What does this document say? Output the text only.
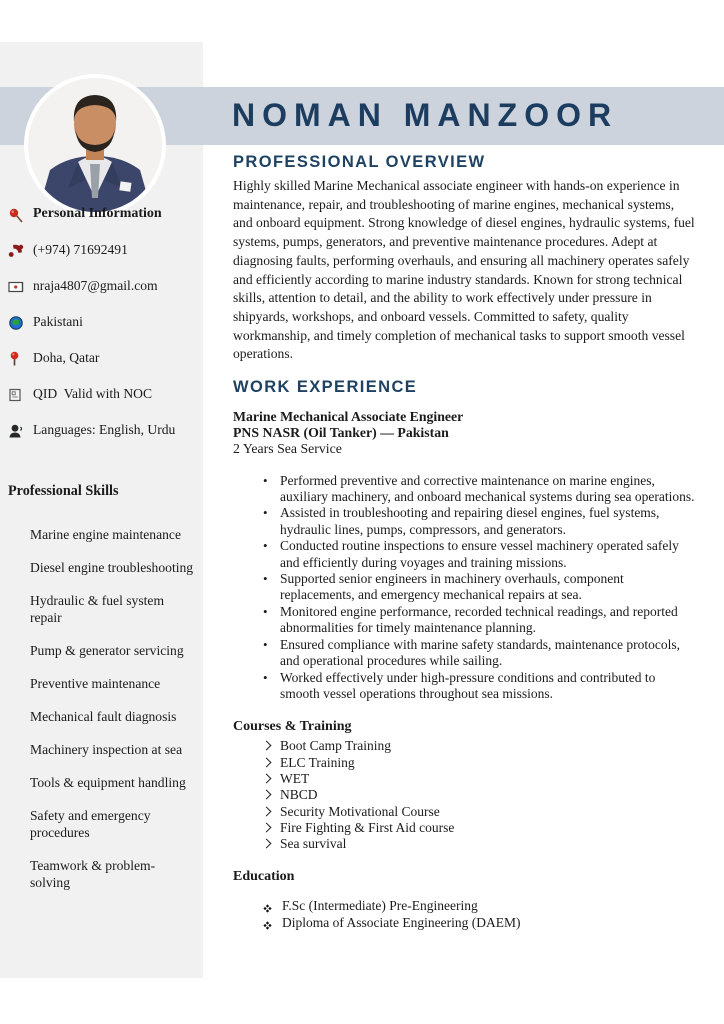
NOMAN MANZOOR
Personal Information
(+974) 71692491
nraja4807@gmail.com
Pakistani
Doha, Qatar
QID  Valid with NOC
Languages: English, Urdu
Professional Skills
Marine engine maintenance
Diesel engine troubleshooting
Hydraulic & fuel system repair
Pump & generator servicing
Preventive maintenance
Mechanical fault diagnosis
Machinery inspection at sea
Tools & equipment handling
Safety and emergency procedures
Teamwork & problem-solving
PROFESSIONAL OVERVIEW

Highly skilled Marine Mechanical associate engineer with hands-on experience in maintenance, repair, and troubleshooting of marine engines, mechanical systems, and onboard equipment. Strong knowledge of diesel engines, hydraulic systems, fuel systems, pumps, generators, and preventive maintenance procedures. Adept at diagnosing faults, performing overhauls, and ensuring all machinery operates safely and efficiently according to marine industry standards. Known for strong technical skills, attention to detail, and the ability to work effectively under pressure in shipyards, workshops, and onboard vessels. Committed to safety, quality workmanship, and timely completion of mechanical tasks to support smooth vessel operations.

WORK EXPERIENCE
Marine Mechanical Associate Engineer
PNS NASR (Oil Tanker) — Pakistan
2 Years Sea Service
• Performed preventive and corrective maintenance on marine engines, auxiliary machinery, and onboard mechanical systems during sea operations.
• Assisted in troubleshooting and repairing diesel engines, fuel systems, hydraulic lines, pumps, compressors, and generators.
• Conducted routine inspections to ensure vessel machinery operated safely and efficiently during voyages and training missions.
• Supported senior engineers in machinery overhauls, component replacements, and emergency mechanical repairs at sea.
• Monitored engine performance, recorded technical readings, and reported abnormalities for timely maintenance planning.
• Ensured compliance with marine safety standards, maintenance protocols, and operational procedures while sailing.
• Worked effectively under high-pressure conditions and contributed to smooth vessel operations throughout sea missions.
Courses & Training
Boot Camp Training
ELC Training
WET
NBCD
Security Motivational Course
Fire Fighting & First Aid course
Sea survival
Education
F.Sc (Intermediate) Pre-Engineering
Diploma of Associate Engineering (DAEM)
